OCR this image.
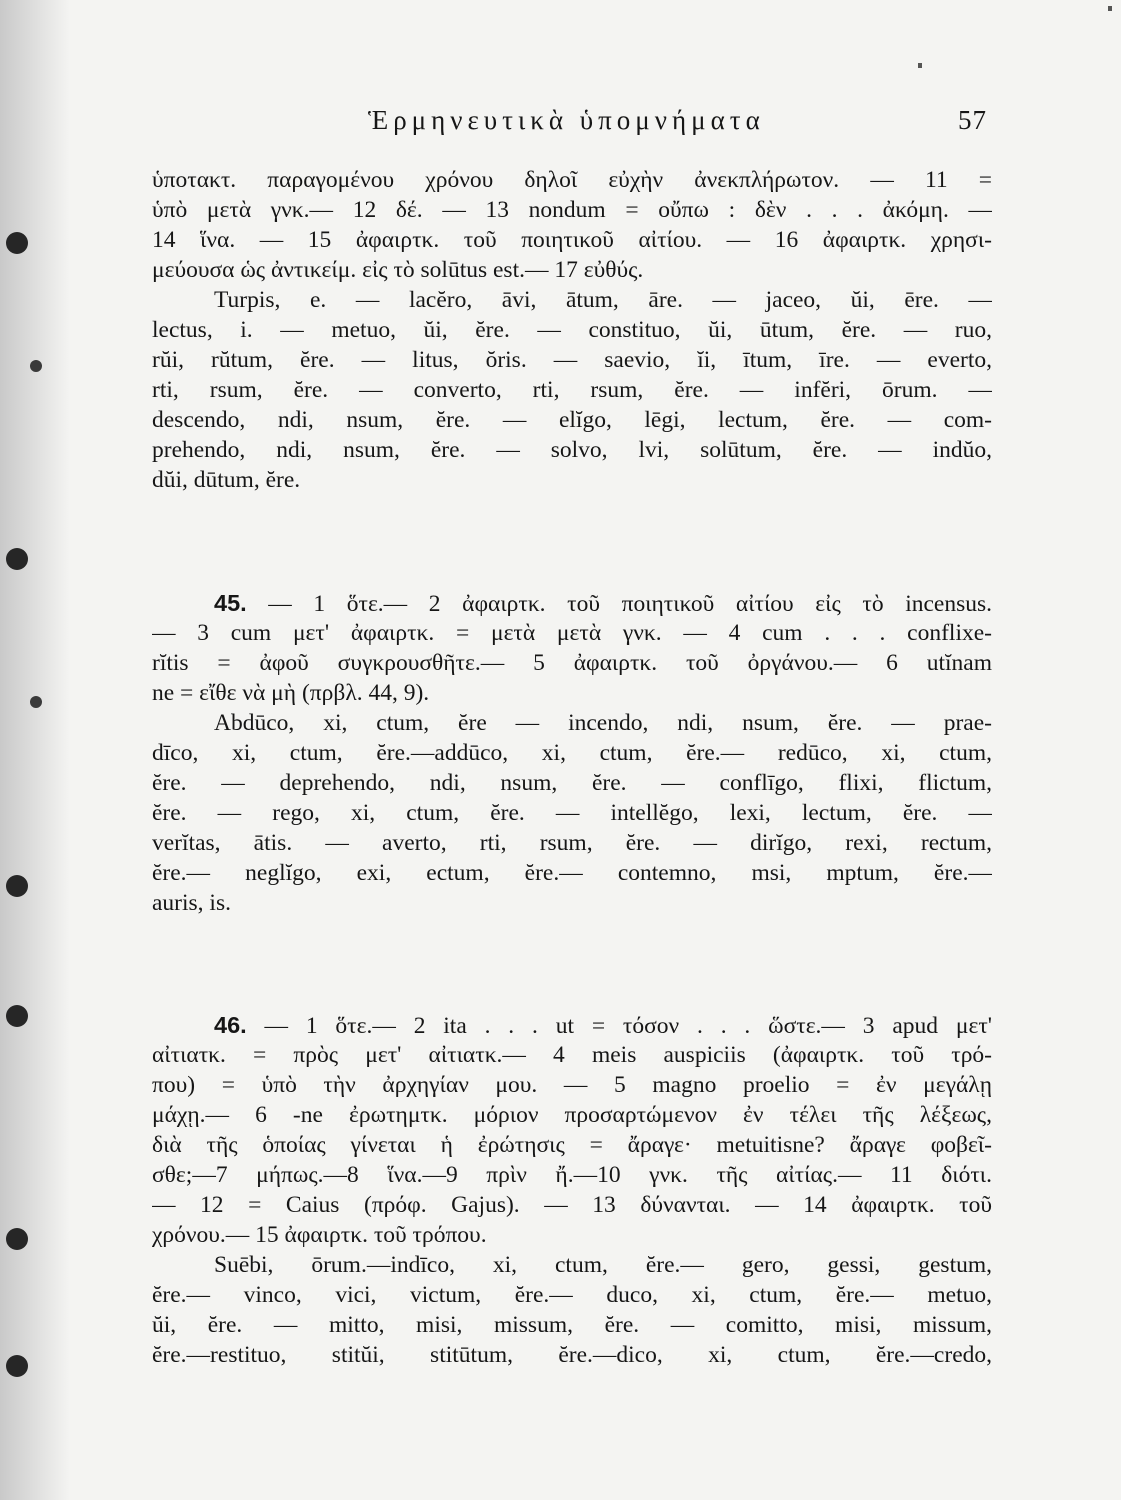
Ἑρμηνευτικὰ ὑπομνήματα	57
ὑποτακτ. παραγομένου χρόνου δηλοῖ εὐχὴν ἀνεκπλήρωτον. — 11 =
ὑπὸ μετὰ γνκ.— 12 δέ. — 13 nondum = οὔπω : δὲν . . . ἀκόμη. —
14 ἵνα. — 15 ἀφαιρτκ. τοῦ ποιητικοῦ αἰτίου. — 16 ἀφαιρτκ. χρησι-
μεύουσα ὡς ἀντικείμ. εἰς τὸ solūtus est.— 17 εὐθύς.
Turpis, e. — lacĕro, āvi, ātum, āre. — jaceo, ŭi, ēre. —
lectus, i. — metuo, ŭi, ĕre. — constituo, ŭi, ūtum, ĕre. — ruo,
rŭi, rŭtum, ĕre. — litus, ŏris. — saevio, ĭi, ītum, īre. — everto,
rti, rsum, ĕre. — converto, rti, rsum, ĕre. — infĕri, ōrum. —
descendo, ndi, nsum, ĕre. — elĭgo, lēgi, lectum, ĕre. — com-
prehendo, ndi, nsum, ĕre. — solvo, lvi, solūtum, ĕre. — indŭo,
dŭi, dūtum, ĕre.
45. — 1 ὅτε.— 2 ἀφαιρτκ. τοῦ ποιητικοῦ αἰτίου εἰς τὸ incensus.
— 3 cum μετ' ἀφαιρτκ. = μετὰ μετὰ γνκ. — 4 cum . . . conflixe-
rĭtis = ἀφοῦ συγκρουσθῆτε.— 5 ἀφαιρτκ. τοῦ ὀργάνου.— 6 utĭnam
ne = εἴθε νὰ μὴ (πρβλ. 44, 9).
Abdūco, xi, ctum, ĕre — incendo, ndi, nsum, ĕre. — prae-
dīco, xi, ctum, ĕre.—addūco, xi, ctum, ĕre.— redūco, xi, ctum,
ĕre. — deprehendo, ndi, nsum, ĕre. — conflīgo, flixi, flictum,
ĕre. — rego, xi, ctum, ĕre. — intellĕgo, lexi, lectum, ĕre. —
verĭtas, ātis. — averto, rti, rsum, ĕre. — dirĭgo, rexi, rectum,
ĕre.— neglĭgo, exi, ectum, ĕre.— contemno, msi, mptum, ĕre.—
auris, is.
46. — 1 ὅτε.— 2 ita . . . ut = τόσον . . . ὥστε.— 3 apud μετ'
αἰτιατκ. = πρὸς μετ' αἰτιατκ.— 4 meis auspiciis (ἀφαιρτκ. τοῦ τρό-
που) = ὑπὸ τὴν ἀρχηγίαν μου. — 5 magno proelio = ἐν μεγάλῃ
μάχῃ.— 6 -ne ἐρωτημτκ. μόριον προσαρτώμενον ἐν τέλει τῆς λέξεως,
διὰ τῆς ὁποίας γίνεται ἡ ἐρώτησις = ἄραγε· metuitisne? ἄραγε φοβεῖ-
σθε;—7 μήπως.—8 ἵνα.—9 πρὶν ἤ.—10 γνκ. τῆς αἰτίας.— 11 διότι.
— 12 = Caius (πρόφ. Gajus). — 13 δύνανται. — 14 ἀφαιρτκ. τοῦ
χρόνου.— 15 ἀφαιρτκ. τοῦ τρόπου.
Suēbi, ōrum.—indīco, xi, ctum, ĕre.— gero, gessi, gestum,
ĕre.— vinco, vici, victum, ĕre.— duco, xi, ctum, ĕre.— metuo,
ŭi, ĕre. — mitto, misi, missum, ĕre. — comitto, misi, missum,
ĕre.—restituo, stitŭi, stitūtum, ĕre.—dico, xi, ctum, ĕre.—credo,
